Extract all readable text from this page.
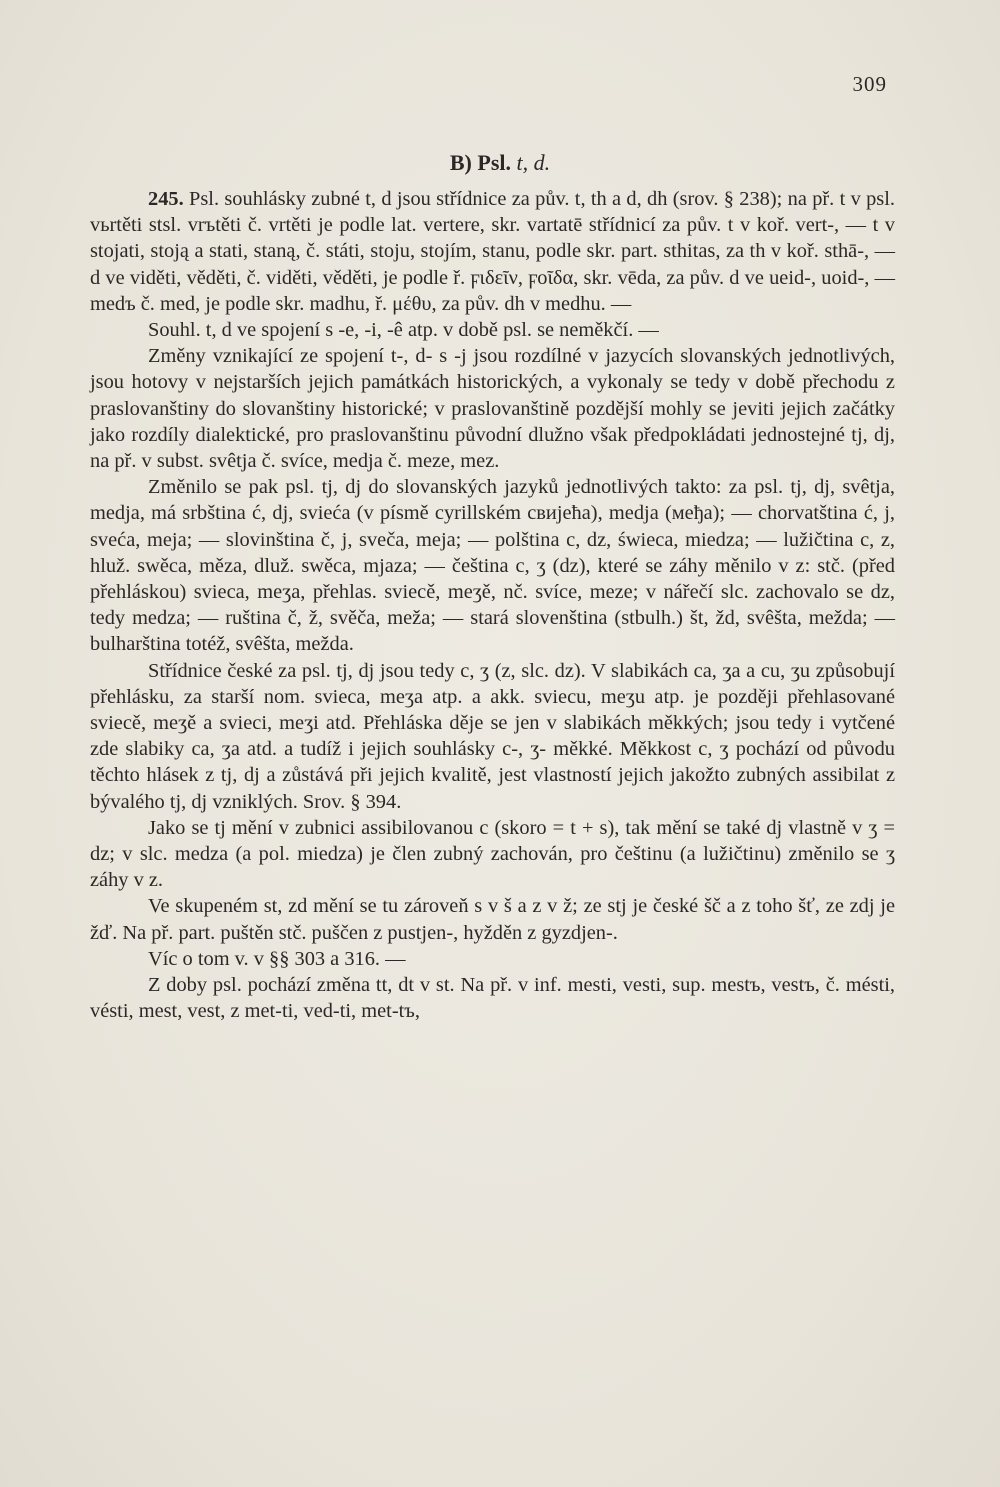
309
B) Psl. t, d.

245. Psl. souhlásky zubné t, d jsou střídnice za pův. t, th a d, dh (srov. § 238); na př. t v psl. vьrtěti stsl. vrъtěti č. vrtěti je podle lat. vertere, skr. vartatē střídnicí za pův. t v koř. vert-, — t v stojati, stoją a stati, staną, č. státi, stoju, stojím, stanu, podle skr. part. sthitas, za th v koř. sthā-, — d ve viděti, věděti, č. viděti, věděti, je podle ř. ϝιδεῖν, ϝοῖδα, skr. vēda, za pův. d ve ueid-, uoid-, — medъ č. med, je podle skr. madhu, ř. μέθυ, za pův. dh v medhu. —

Souhl. t, d ve spojení s -e, -i, -ê atp. v době psl. se neměkčí. —

Změny vznikající ze spojení t-, d- s -j jsou rozdílné v jazycích slovanských jednotlivých, jsou hotovy v nejstarších jejich památkách historických, a vykonaly se tedy v době přechodu z praslovanštiny do slovanštiny historické; v praslovanštině pozdější mohly se jeviti jejich začátky jako rozdíly dialektické, pro praslovanštinu původní dlužno však předpokládati jednostejné tj, dj, na př. v subst. svêtja č. svíce, medja č. meze, mez.

Změnilo se pak psl. tj, dj do slovanských jazyků jednotlivých takto: za psl. tj, dj, svêtja, medja, má srbština ć, dj, svieća (v písmě cyrillském свиjећа), medja (међа); — chorvatština ć, j, sveća, meja; — slovinština č, j, sveča, meja; — polština c, dz, świeca, miedza; — lužičtina c, z, hluž. swěca, měza, dluž. swěca, mjaza; — čeština c, ʒ (dz), které se záhy měnilo v z: stč. (před přehláskou) svieca, meʒa, přehlas. sviecě, meʒě, nč. svíce, meze; v nářečí slc. zachovalo se dz, tedy medza; — ruština č, ž, svěča, meža; — stará slovenština (stbulh.) št, žd, svêšta, mežda; — bulharština totéž, svêšta, mežda.

Střídnice české za psl. tj, dj jsou tedy c, ʒ (z, slc. dz). V slabikách ca, ʒa a cu, ʒu způsobují přehlásku, za starší nom. svieca, meʒa atp. a akk. sviecu, meʒu atp. je později přehlasované sviecě, meʒě a svieci, meʒi atd. Přehláska děje se jen v slabikách měkkých; jsou tedy i vytčené zde slabiky ca, ʒa atd. a tudíž i jejich souhlásky c-, ʒ- měkké. Měkkost c, ʒ pochází od původu těchto hlásek z tj, dj a zůstává při jejich kvalitě, jest vlastností jejich jakožto zubných assibilat z bývalého tj, dj vzniklých. Srov. § 394.

Jako se tj mění v zubnici assibilovanou c (skoro = t + s), tak mění se také dj vlastně v ʒ = dz; v slc. medza (a pol. miedza) je člen zubný zachován, pro češtinu (a lužičtinu) změnilo se ʒ záhy v z.

Ve skupeném st, zd mění se tu zároveň s v š a z v ž; ze stj je české šč a z toho šť, ze zdj je žď. Na př. part. puštěn stč. puščen z pustjen-, hyžděn z gyzdjen-.

Víc o tom v. v §§ 303 a 316. —

Z doby psl. pochází změna tt, dt v st. Na př. v inf. mesti, vesti, sup. mestъ, vestъ, č. mésti, vésti, mest, vest, z met-ti, ved-ti, met-tъ,
